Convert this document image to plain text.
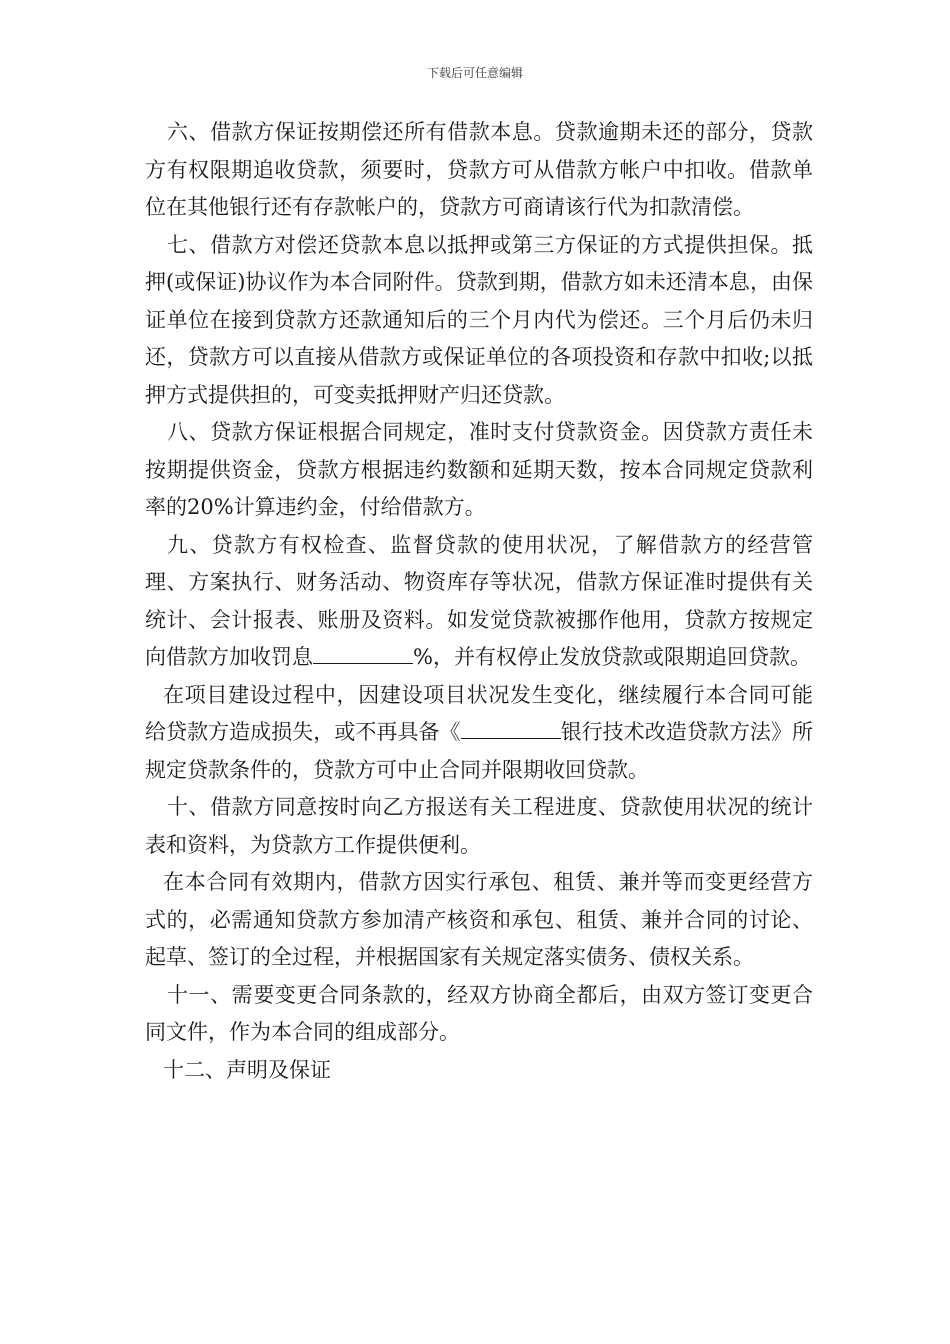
下载后可任意编辑

六、借款方保证按期偿还所有借款本息。贷款逾期未还的部分，贷款方有权限期追收贷款，须要时，贷款方可从借款方帐户中扣收。借款单位在其他银行还有存款帐户的，贷款方可商请该行代为扣款清偿。

七、借款方对偿还贷款本息以抵押或第三方保证的方式提供担保。抵押(或保证)协议作为本合同附件。贷款到期，借款方如未还清本息，由保证单位在接到贷款方还款通知后的三个月内代为偿还。三个月后仍未归还，贷款方可以直接从借款方或保证单位的各项投资和存款中扣收;以抵押方式提供担的，可变卖抵押财产归还贷款。

八、贷款方保证根据合同规定，准时支付贷款资金。因贷款方责任未按期提供资金，贷款方根据违约数额和延期天数，按本合同规定贷款利率的20%计算违约金，付给借款方。

九、贷款方有权检查、监督贷款的使用状况，了解借款方的经营管理、方案执行、财务活动、物资库存等状况，借款方保证准时提供有关统计、会计报表、账册及资料。如发觉贷款被挪作他用，贷款方按规定向借款方加收罚息	%，并有权停止发放贷款或限期追回贷款。

在项目建设过程中，因建设项目状况发生变化，继续履行本合同可能给贷款方造成损失，或不再具备《	银行技术改造贷款方法》所规定贷款条件的，贷款方可中止合同并限期收回贷款。

十、借款方同意按时向乙方报送有关工程进度、贷款使用状况的统计表和资料，为贷款方工作提供便利。

在本合同有效期内，借款方因实行承包、租赁、兼并等而变更经营方式的，必需通知贷款方参加清产核资和承包、租赁、兼并合同的讨论、起草、签订的全过程，并根据国家有关规定落实债务、债权关系。

十一、需要变更合同条款的，经双方协商全都后，由双方签订变更合同文件，作为本合同的组成部分。

十二、声明及保证
